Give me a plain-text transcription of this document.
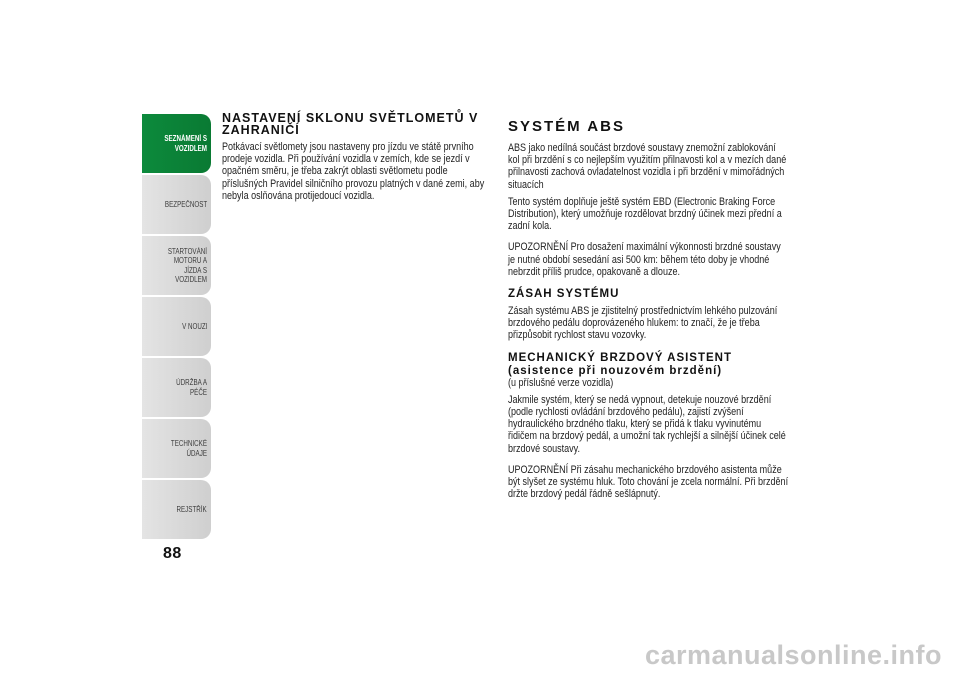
SEZNÁMENÍ S VOZIDLEM
BEZPEČNOST
STARTOVÁNÍ MOTORU A JÍZDA S VOZIDLEM
V NOUZI
ÚDRŽBA A PÉČE
TECHNICKÉ ÚDAJE
REJSTŘÍK
88
NASTAVENÍ SKLONU SVĚTLOMETŮ V ZAHRANIČÍ

Potkávací světlomety jsou nastaveny pro jízdu ve státě prvního prodeje vozidla. Při používání vozidla v zemích, kde se jezdí v opačném směru, je třeba zakrýt oblasti světlometu podle příslušných Pravidel silničního provozu platných v dané zemi, aby nebyla oslňována protijedoucí vozidla.

SYSTÉM ABS

ABS jako nedílná součást brzdové soustavy znemožní zablokování kol při brzdění s co nejlepším využitím přilnavosti kol a v mezích dané přilnavosti zachová ovladatelnost vozidla i při brzdění v mimořádných situacích

Tento systém doplňuje ještě systém EBD (Electronic Braking Force Distribution), který umožňuje rozdělovat brzdný účinek mezi přední a zadní kola.

UPOZORNĚNÍ Pro dosažení maximální výkonnosti brzdné soustavy je nutné období sesedání asi 500 km: během této doby je vhodné nebrzdit příliš prudce, opakovaně a dlouze.

ZÁSAH SYSTÉMU

Zásah systému ABS je zjistitelný prostřednictvím lehkého pulzování brzdového pedálu doprovázeného hlukem: to značí, že je třeba přizpůsobit rychlost stavu vozovky.

MECHANICKÝ BRZDOVÝ ASISTENT
(asistence při nouzovém brzdění)

(u příslušné verze vozidla)

Jakmile systém, který se nedá vypnout, detekuje nouzové brzdění (podle rychlosti ovládání brzdového pedálu), zajistí zvýšení hydraulického brzdného tlaku, který se přidá k tlaku vyvinutému řidičem na brzdový pedál, a umožní tak rychlejší a silnější účinek celé brzdové soustavy.

UPOZORNĚNÍ Při zásahu mechanického brzdového asistenta může být slyšet ze systému hluk. Toto chování je zcela normální. Při brzdění držte brzdový pedál řádně sešlápnutý.

carmanualsonline.info
